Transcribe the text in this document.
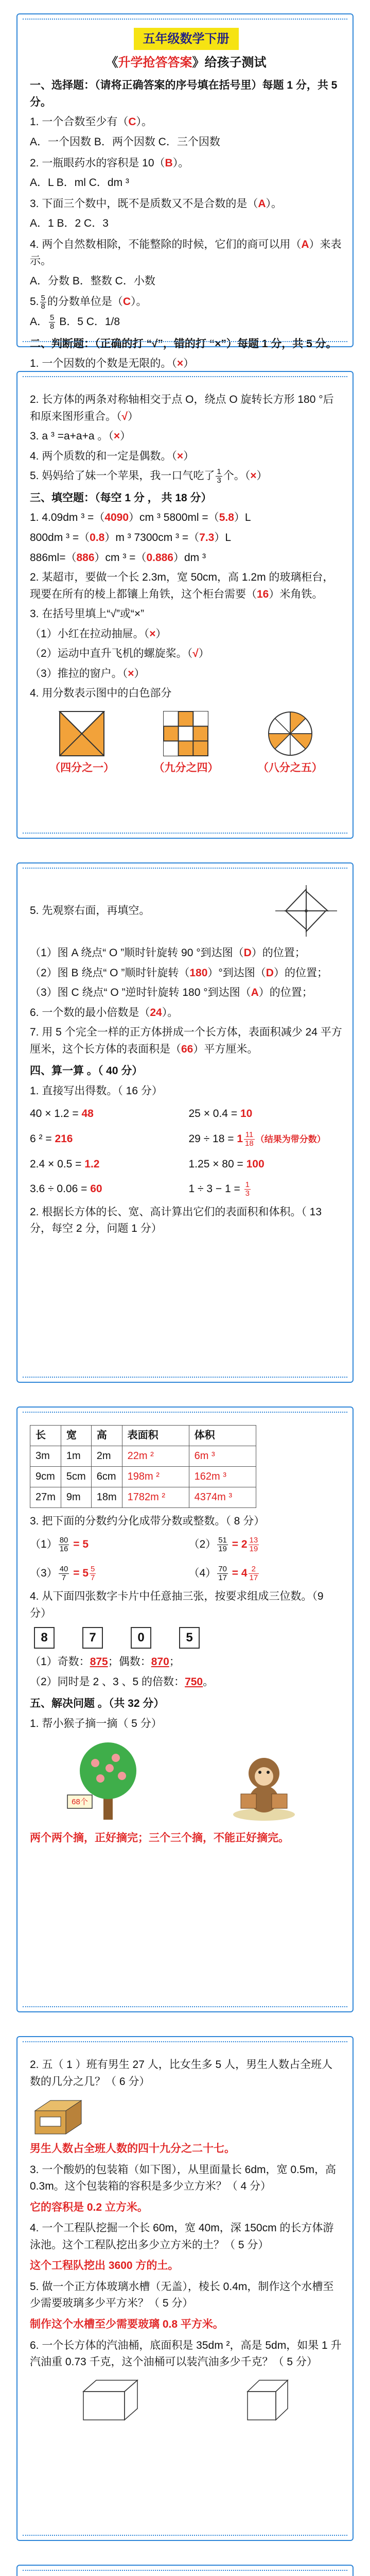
五年级数学下册
《升学抢答答案》给孩子测试

一、选择题：（请将正确答案的序号填在括号里）每题 1 分，共 5 分。

1. 一个合数至少有（C）。

A．一个因数 B．两个因数 C．三个因数

2. 一瓶眼药水的容积是 10（B）。

A．L B．ml C．dm ³

3. 下面三个数中，既不是质数又不是合数的是（A）。

A．1 B．2 C．3

4. 两个自然数相除，不能整除的时候，它们的商可以用（A）来表示。

A．分数 B．整数 C．小数

5. $\frac{5}{8}$ 的分数单位是（C）。

A． $\frac{5}{8}$ B．5 C．1/8

二、判断题：（正确的打 “√”，错的打 “×”）每题 1 分，共 5 分。

1. 一个因数的个数是无限的。（×）

2. 长方体的两条对称轴相交于点 O，绕点 O 旋转长方形 180 °后和原来图形重合。（√）

3. a ³ =a+a+a 。（×）

4. 两个质数的和一定是偶数。（×）

5. 妈妈给了妹一个苹果，我一口气吃了 $\frac{1}{3}$ 个。（×）

三、填空题：（每空 1 分 ， 共 18 分）

1. 4.09dm ³ =（4090）cm ³ 5800ml =（5.8）L

800dm ³ =（0.8）m ³ 7300cm ³ =（7.3）L

886ml=（886）cm ³ =（0.886）dm ³

2. 某超市，要做一个长 2.3m，宽 50cm，高 1.2m 的玻璃柜台，现要在所有的棱上都镶上角铁，这个柜台需要（16）米角铁。

3. 在括号里填上“√”或“×”

（1）小红在拉动抽屉。（×）

（2）运动中直升飞机的螺旋桨。（√）

（3）推拉的窗户。（×）

4. 用分数表示图中的白色部分

（四分之一）	（九分之四）	（八分之五）

5. 先观察右面，再填空。

（1）图 A 绕点“ O ”顺时针旋转 90 °到达图（D）的位置；

（2）图 B 绕点“ O ”顺时针旋转（180）°到达图（D）的位置；

（3）图 C 绕点“ O ”逆时针旋转 180 °到达图（A）的位置；

6. 一个数的最小倍数是（24）。

7. 用 5 个完全一样的正方体拼成一个长方体，表面积减少 24 平方厘米，这个长方体的表面积是（66）平方厘米。

四、算一算 。（ 40 分）

1. 直接写出得数。（ 16 分）

40 × 1.2 = 48	25 × 0.4 = 10

6 ² = 216	$29 \div 18 = 1 \frac{11}{18}$ （结果为带分数）

2.4 × 0.5 = 1.2	1.25 × 80 = 100

3.6 ÷ 0.06 = 60	$1 \div 3 - 1 = \frac{1}{3}$

2. 根据长方体的长、宽、高计算出它们的表面积和体积。（ 13 分，每空 2 分，问题 1 分）

长	宽	高	表面积	体积
3m	1m	2m	22m ²	6m ³
9cm	5cm	6cm	198m ²	162m ³
27m	9m	18m	1782m ²	4374m ³

3. 把下面的分数约分化成带分数或整数。（ 8 分）

$(1) \frac{80}{16} = 5$	$(2) \frac{51}{19} = 2 \frac{13}{19}$

$(3) \frac{40}{7} = 5 \frac{5}{7}$	$(4) \frac{70}{17} = 4 \frac{2}{17}$

4. 从下面四张数字卡片中任意抽三张，按要求组成三位数。（9 分）

8	7	0	5

（1）奇数：875；偶数：870；

（2）同时是 2 、3 、5 的倍数：750。

五、解决问题 。（共 32 分）

1. 帮小猴子摘一摘（ 5 分）

68个

两个两个摘，正好摘完；三个三个摘，不能正好摘完。

2. 五（ 1 ）班有男生 27 人，比女生多 5 人，男生人数占全班人数的几分之几？（ 6 分）

男生人数占全班人数的四十九分之二十七。

3. 一个酸奶的包装箱（如下图），从里面量长 6dm，宽 0.5m，高 0.3m。这个包装箱的容积是多少立方米？（ 4 分）

它的容积是 0.2 立方米。

4. 一个工程队挖掘一个长 60m，宽 40m，深 150cm 的长方体游泳池。这个工程队挖出多少立方米的土？（ 5 分）

这个工程队挖出 3600 方的土。

5. 做一个正方体玻璃水槽（无盖），棱长 0.4m，制作这个水槽至少需要玻璃多少平方米？（ 5 分）

制作这个水槽至少需要玻璃 0.8 平方米。

6. 一个长方体的汽油桶，底面积是 35dm ²，高是 5dm，如果 1 升汽油重 0.73 千克，这个油桶可以装汽油多少千克？（ 5 分）
